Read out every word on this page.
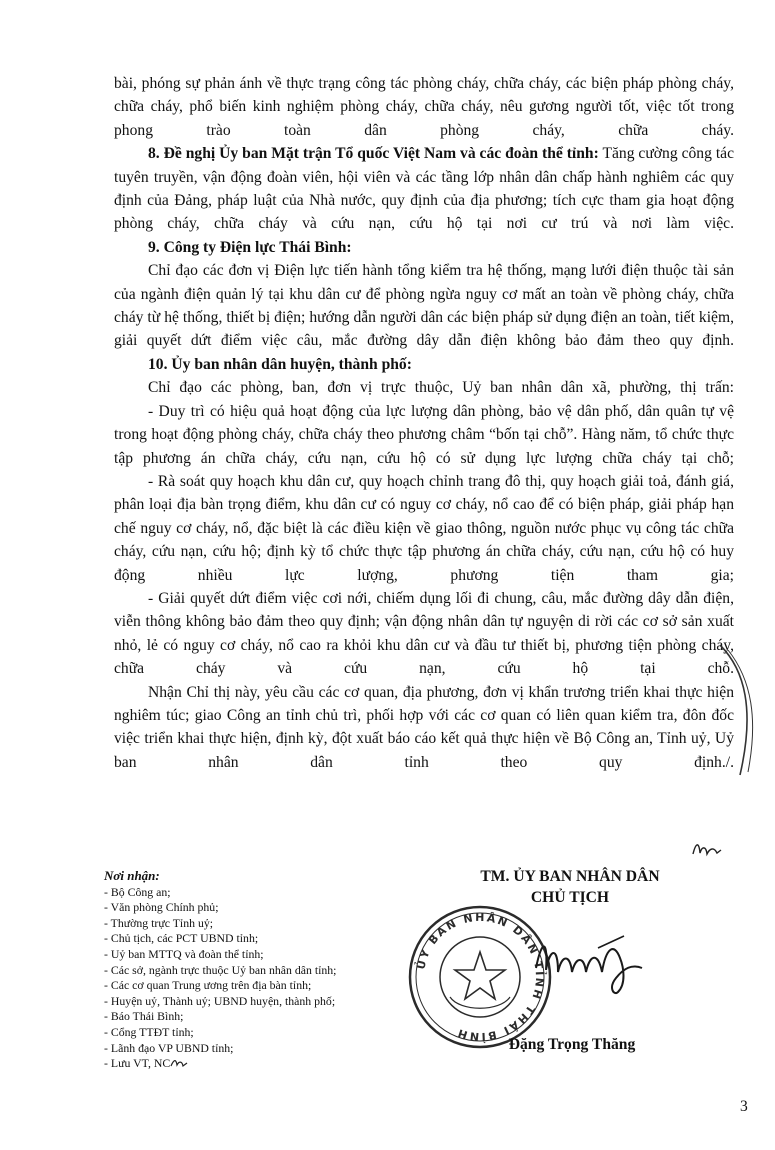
bài, phóng sự phản ánh về thực trạng công tác phòng cháy, chữa cháy, các biện pháp phòng cháy, chữa cháy, phổ biến kinh nghiệm phòng cháy, chữa cháy, nêu gương người tốt, việc tốt trong phong trào toàn dân phòng cháy, chữa cháy.

8. Đề nghị Ủy ban Mặt trận Tổ quốc Việt Nam và các đoàn thể tỉnh: Tăng cường công tác tuyên truyền, vận động đoàn viên, hội viên và các tầng lớp nhân dân chấp hành nghiêm các quy định của Đảng, pháp luật của Nhà nước, quy định của địa phương; tích cực tham gia hoạt động phòng cháy, chữa cháy và cứu nạn, cứu hộ tại nơi cư trú và nơi làm việc.

9. Công ty Điện lực Thái Bình:

Chỉ đạo các đơn vị Điện lực tiến hành tổng kiểm tra hệ thống, mạng lưới điện thuộc tài sản của ngành điện quản lý tại khu dân cư để phòng ngừa nguy cơ mất an toàn về phòng cháy, chữa cháy từ hệ thống, thiết bị điện; hướng dẫn người dân các biện pháp sử dụng điện an toàn, tiết kiệm, giải quyết dứt điểm việc câu, mắc đường dây dẫn điện không bảo đảm theo quy định.

10. Ủy ban nhân dân huyện, thành phố:

Chỉ đạo các phòng, ban, đơn vị trực thuộc, Uỷ ban nhân dân xã, phường, thị trấn:

- Duy trì có hiệu quả hoạt động của lực lượng dân phòng, bảo vệ dân phố, dân quân tự vệ trong hoạt động phòng cháy, chữa cháy theo phương châm “bốn tại chỗ”. Hàng năm, tổ chức thực tập phương án chữa cháy, cứu nạn, cứu hộ có sử dụng lực lượng chữa cháy tại chỗ;

- Rà soát quy hoạch khu dân cư, quy hoạch chỉnh trang đô thị, quy hoạch giải toả, đánh giá, phân loại địa bàn trọng điểm, khu dân cư có nguy cơ cháy, nổ cao để có biện pháp, giải pháp hạn chế nguy cơ cháy, nổ, đặc biệt là các điều kiện về giao thông, nguồn nước phục vụ công tác chữa cháy, cứu nạn, cứu hộ; định kỳ tổ chức thực tập phương án chữa cháy, cứu nạn, cứu hộ có huy động nhiều lực lượng, phương tiện tham gia;

- Giải quyết dứt điểm việc cơi nới, chiếm dụng lối đi chung, câu, mắc đường dây dẫn điện, viễn thông không bảo đảm theo quy định; vận động nhân dân tự nguyện di rời các cơ sở sản xuất nhỏ, lẻ có nguy cơ cháy, nổ cao ra khỏi khu dân cư và đầu tư thiết bị, phương tiện phòng cháy, chữa cháy và cứu nạn, cứu hộ tại chỗ.

Nhận Chỉ thị này, yêu cầu các cơ quan, địa phương, đơn vị khẩn trương triển khai thực hiện nghiêm túc; giao Công an tỉnh chủ trì, phối hợp với các cơ quan có liên quan kiểm tra, đôn đốc việc triển khai thực hiện, định kỳ, đột xuất báo cáo kết quả thực hiện về Bộ Công an, Tỉnh uỷ, Uỷ ban nhân dân tỉnh theo quy định./.

Nơi nhận:
- Bộ Công an;
- Văn phòng Chính phủ;
- Thường trực Tỉnh uỷ;
- Chủ tịch, các PCT UBND tỉnh;
- Uỷ ban MTTQ và đoàn thể tỉnh;
- Các sở, ngành trực thuộc Uỷ ban nhân dân tỉnh;
- Các cơ quan Trung ương trên địa bàn tỉnh;
- Huyện uỷ, Thành uỷ; UBND huyện, thành phố;
- Báo Thái Bình;
- Cổng TTĐT tỉnh;
- Lãnh đạo VP UBND tỉnh;
- Lưu VT, NC
TM. ỦY BAN NHÂN DÂN
CHỦ TỊCH
ỦY BAN NHÂN DÂN TỈNH THÁI BÌNH
Đặng Trọng Thăng
3
